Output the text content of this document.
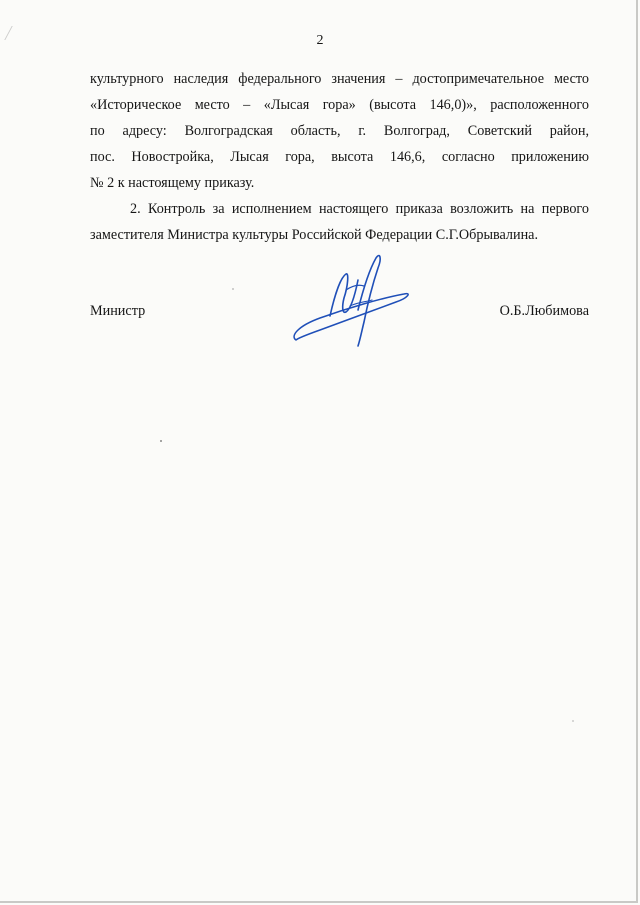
2
культурного наследия федерального значения – достопримечательное место
«Историческое место – «Лысая гора» (высота 146,0)», расположенного
по адресу: Волгоградская область, г. Волгоград, Советский район,
пос. Новостройка, Лысая гора, высота 146,6, согласно приложению
№ 2 к настоящему приказу.
2. Контроль за исполнением настоящего приказа возложить на первого
заместителя Министра культуры Российской Федерации С.Г.Обрывалина.
Министр	О.Б.Любимова
